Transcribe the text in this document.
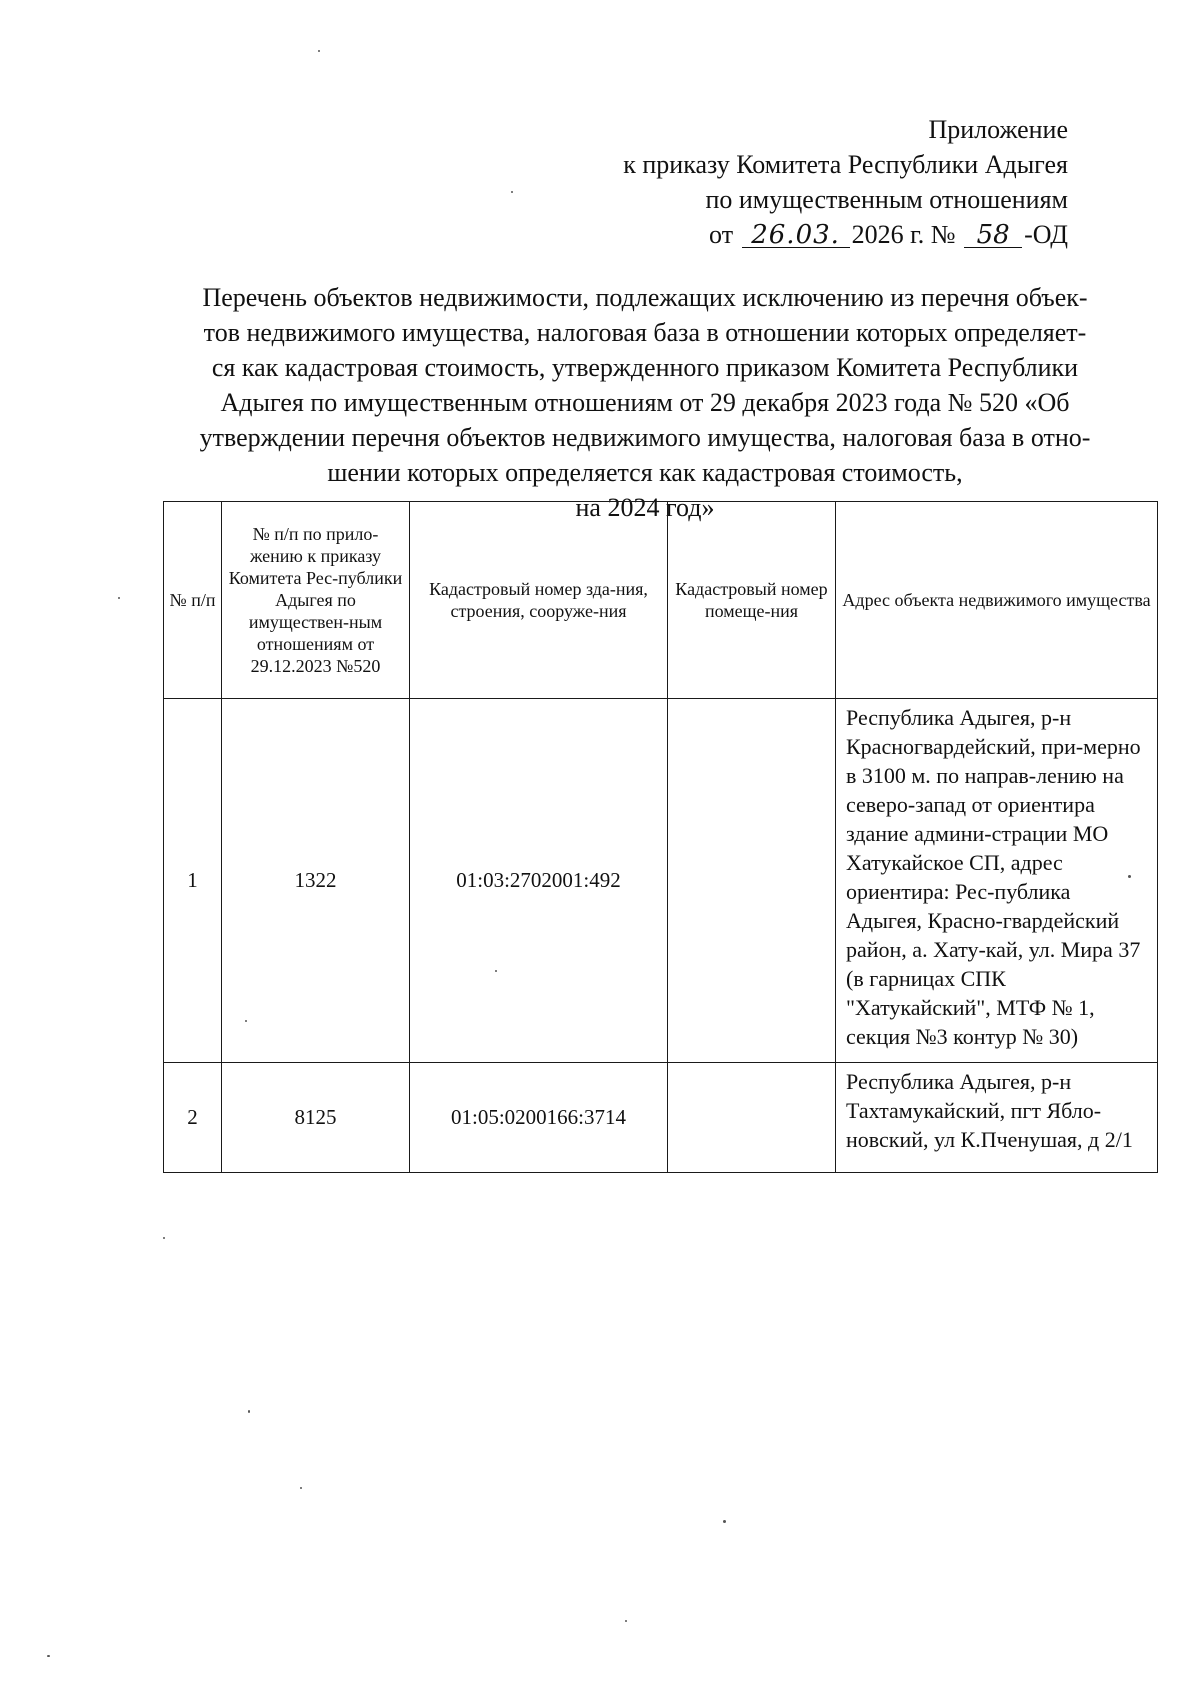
Приложение
к приказу Комитета Республики Адыгея
по имущественным отношениям
от 26.03. 2026 г. № 58 -ОД
Перечень объектов недвижимости, подлежащих исключению из перечня объек-
тов недвижимого имущества, налоговая база в отношении которых определяет-
ся как кадастровая стоимость, утвержденного приказом Комитета Республики
Адыгея по имущественным отношениям от 29 декабря 2023 года № 520 «Об
утверждении перечня объектов недвижимого имущества, налоговая база в отно-
шении которых определяется как кадастровая стоимость,
на 2024 год»
№ п/п	№ п/п по прило-жению к приказу Комитета Рес-публики Адыгея по имуществен-ным отношениям от 29.12.2023 №520	Кадастровый номер зда-ния, строения, сооруже-ния	Кадастровый номер помеще-ния	Адрес объекта недвижимого имущества
1	1322	01:03:2702001:492		Республика Адыгея, р-н Красногвардейский, при-мерно в 3100 м. по направ-лению на северо-запад от ориентира здание админи-страции МО Хатукайское СП, адрес ориентира: Рес-публика Адыгея, Красно-гвардейский район, а. Хату-кай, ул. Мира 37 (в гарницах СПК "Хатукайский", МТФ № 1, секция №3 контур № 30)
2	8125	01:05:0200166:3714		Республика Адыгея, р-н Тахтамукайский, пгт Ябло-новский, ул К.Пченушая, д 2/1
